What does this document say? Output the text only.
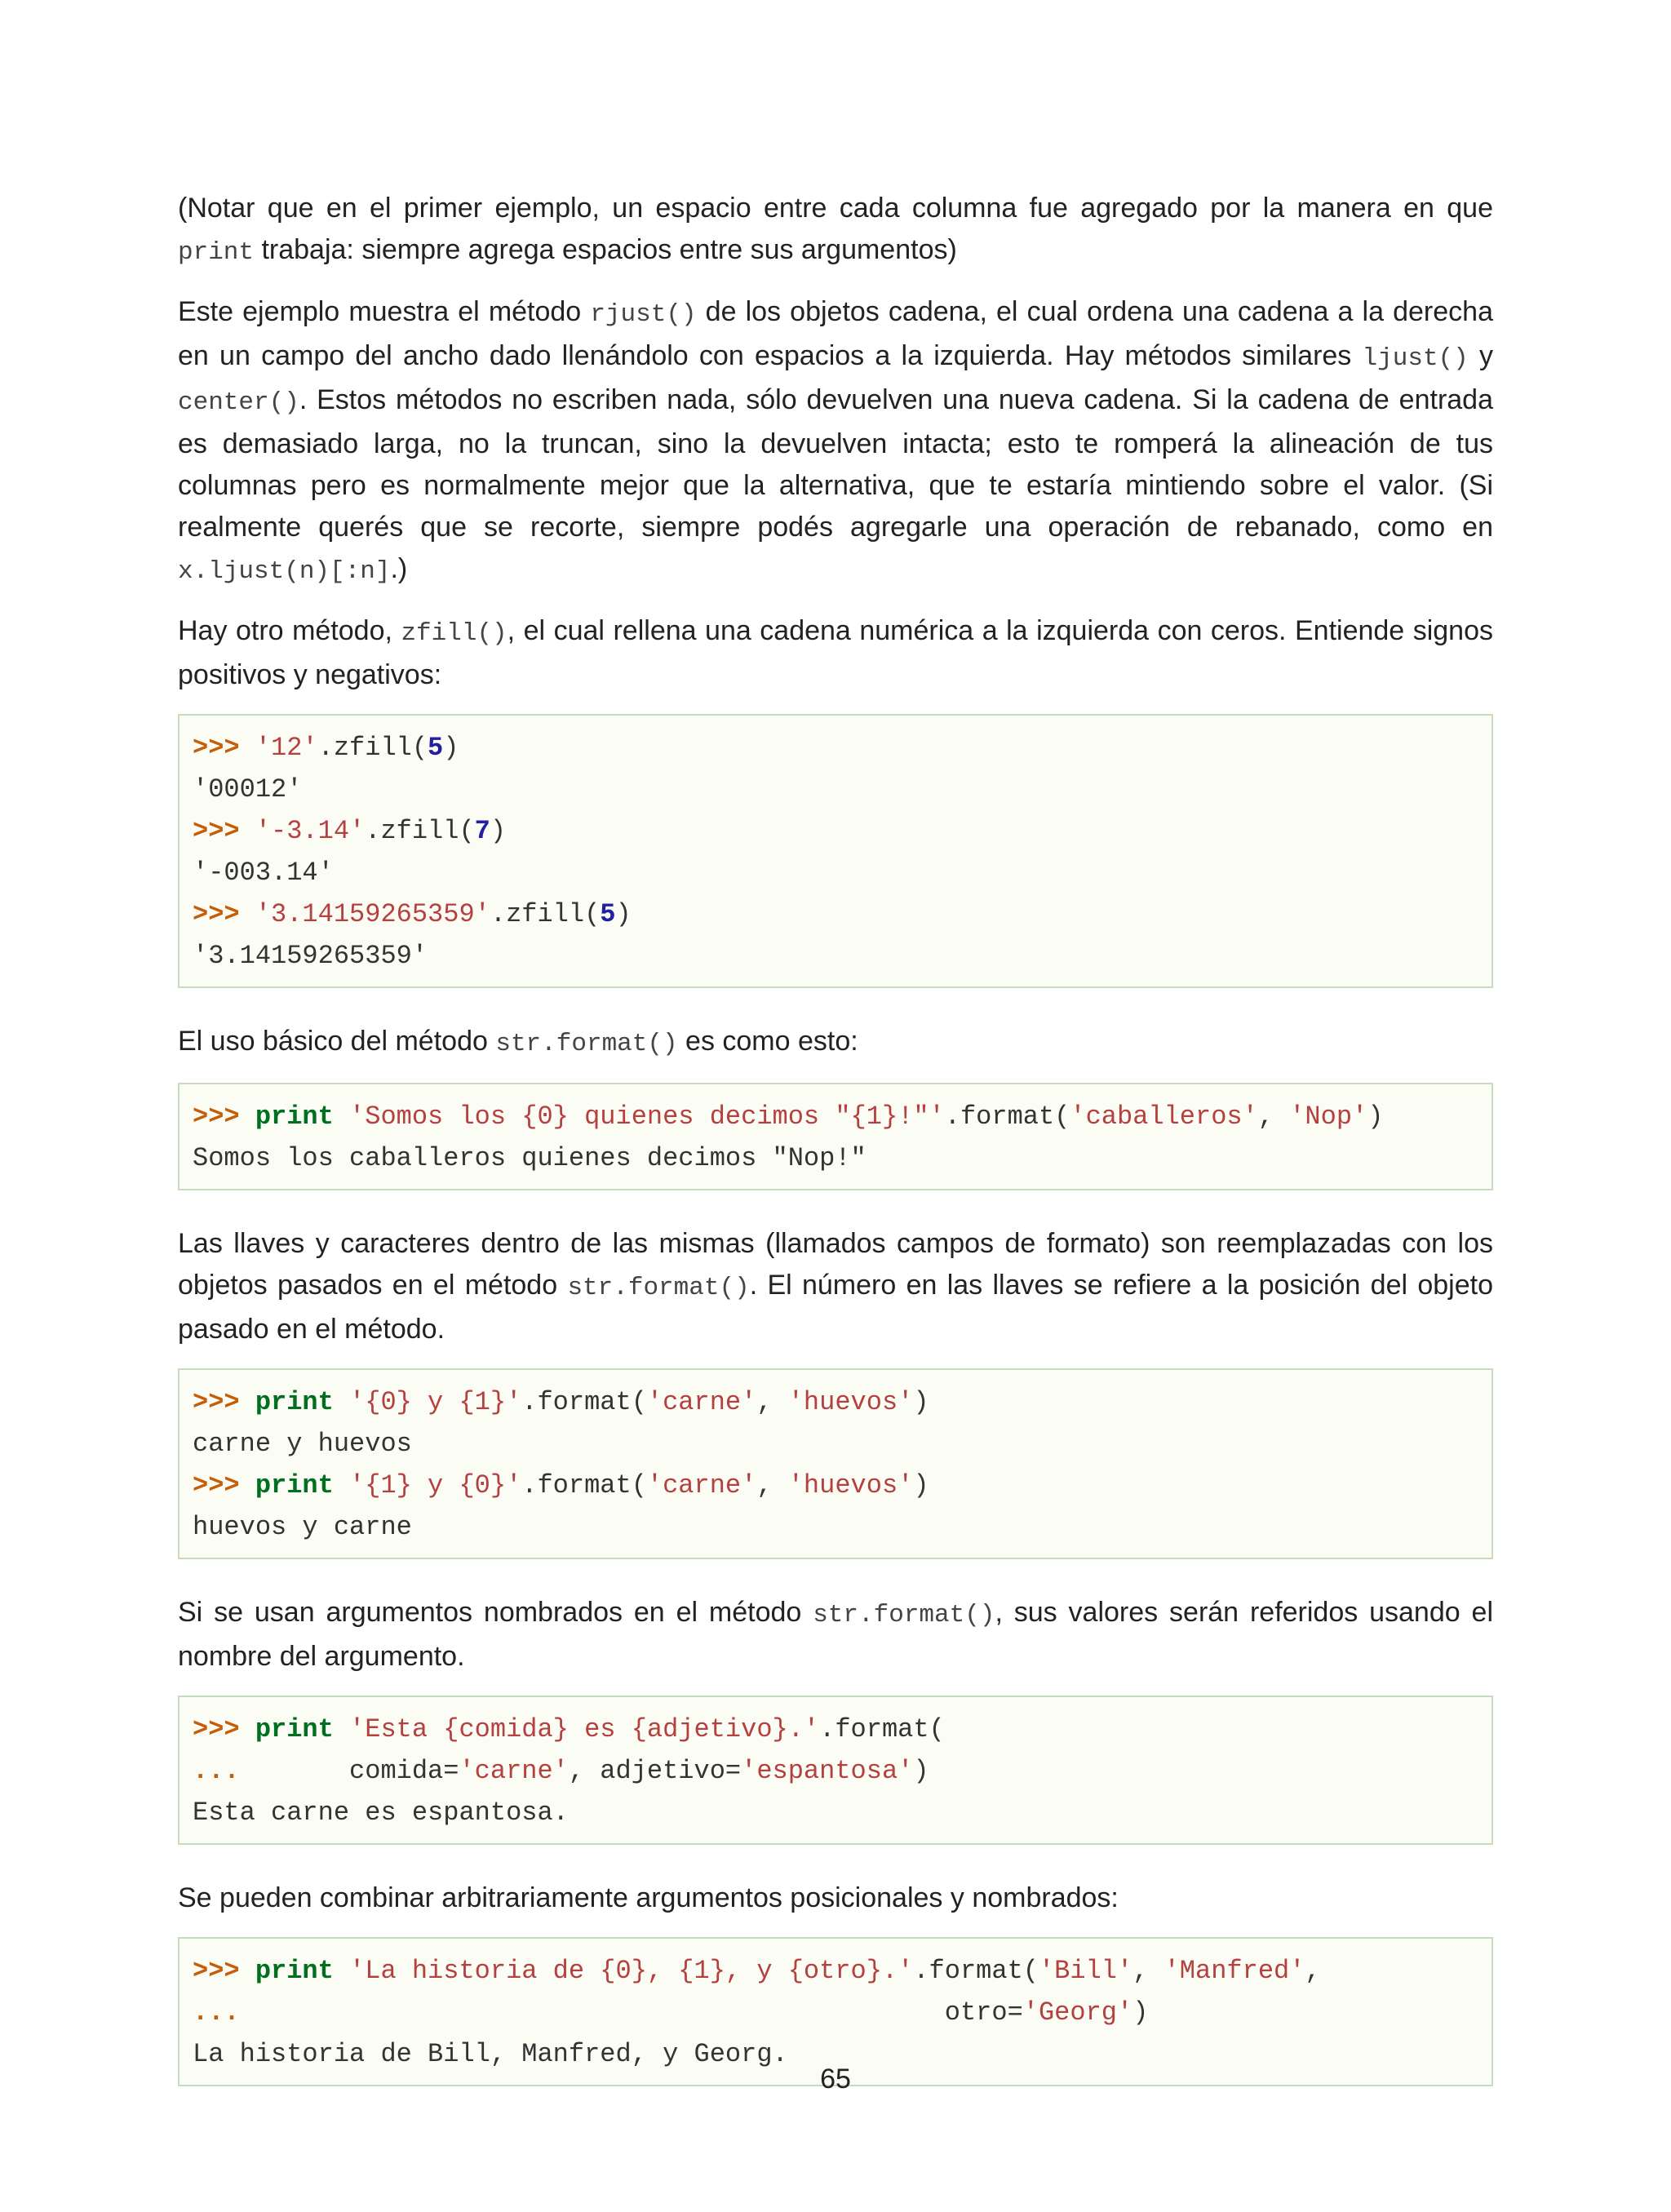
(Notar que en el primer ejemplo, un espacio entre cada columna fue agregado por la manera en que print trabaja: siempre agrega espacios entre sus argumentos)

Este ejemplo muestra el método rjust() de los objetos cadena, el cual ordena una cadena a la derecha en un campo del ancho dado llenándolo con espacios a la izquierda. Hay métodos similares ljust() y center(). Estos métodos no escriben nada, sólo devuelven una nueva cadena. Si la cadena de entrada es demasiado larga, no la truncan, sino la devuelven intacta; esto te romperá la alineación de tus columnas pero es normalmente mejor que la alternativa, que te estaría mintiendo sobre el valor. (Si realmente querés que se recorte, siempre podés agregarle una operación de rebanado, como en x.ljust(n)[:n].)

Hay otro método, zfill(), el cual rellena una cadena numérica a la izquierda con ceros. Entiende signos positivos y negativos:

>>> '12'.zfill(5)
'00012'
>>> '-3.14'.zfill(7)
'-003.14'
>>> '3.14159265359'.zfill(5)
'3.14159265359'

El uso básico del método str.format() es como esto:

>>> print 'Somos los {0} quienes decimos "{1}!"'.format('caballeros', 'Nop')
Somos los caballeros quienes decimos "Nop!"

Las llaves y caracteres dentro de las mismas (llamados campos de formato) son reemplazadas con los objetos pasados en el método str.format(). El número en las llaves se refiere a la posición del objeto pasado en el método.

>>> print '{0} y {1}'.format('carne', 'huevos')
carne y huevos
>>> print '{1} y {0}'.format('carne', 'huevos')
huevos y carne

Si se usan argumentos nombrados en el método str.format(), sus valores serán referidos usando el nombre del argumento.

>>> print 'Esta {comida} es {adjetivo}.'.format(
...       comida='carne', adjetivo='espantosa')
Esta carne es espantosa.

Se pueden combinar arbitrariamente argumentos posicionales y nombrados:

>>> print 'La historia de {0}, {1}, y {otro}.'.format('Bill', 'Manfred',
...                                             otro='Georg')
La historia de Bill, Manfred, y Georg.
65
